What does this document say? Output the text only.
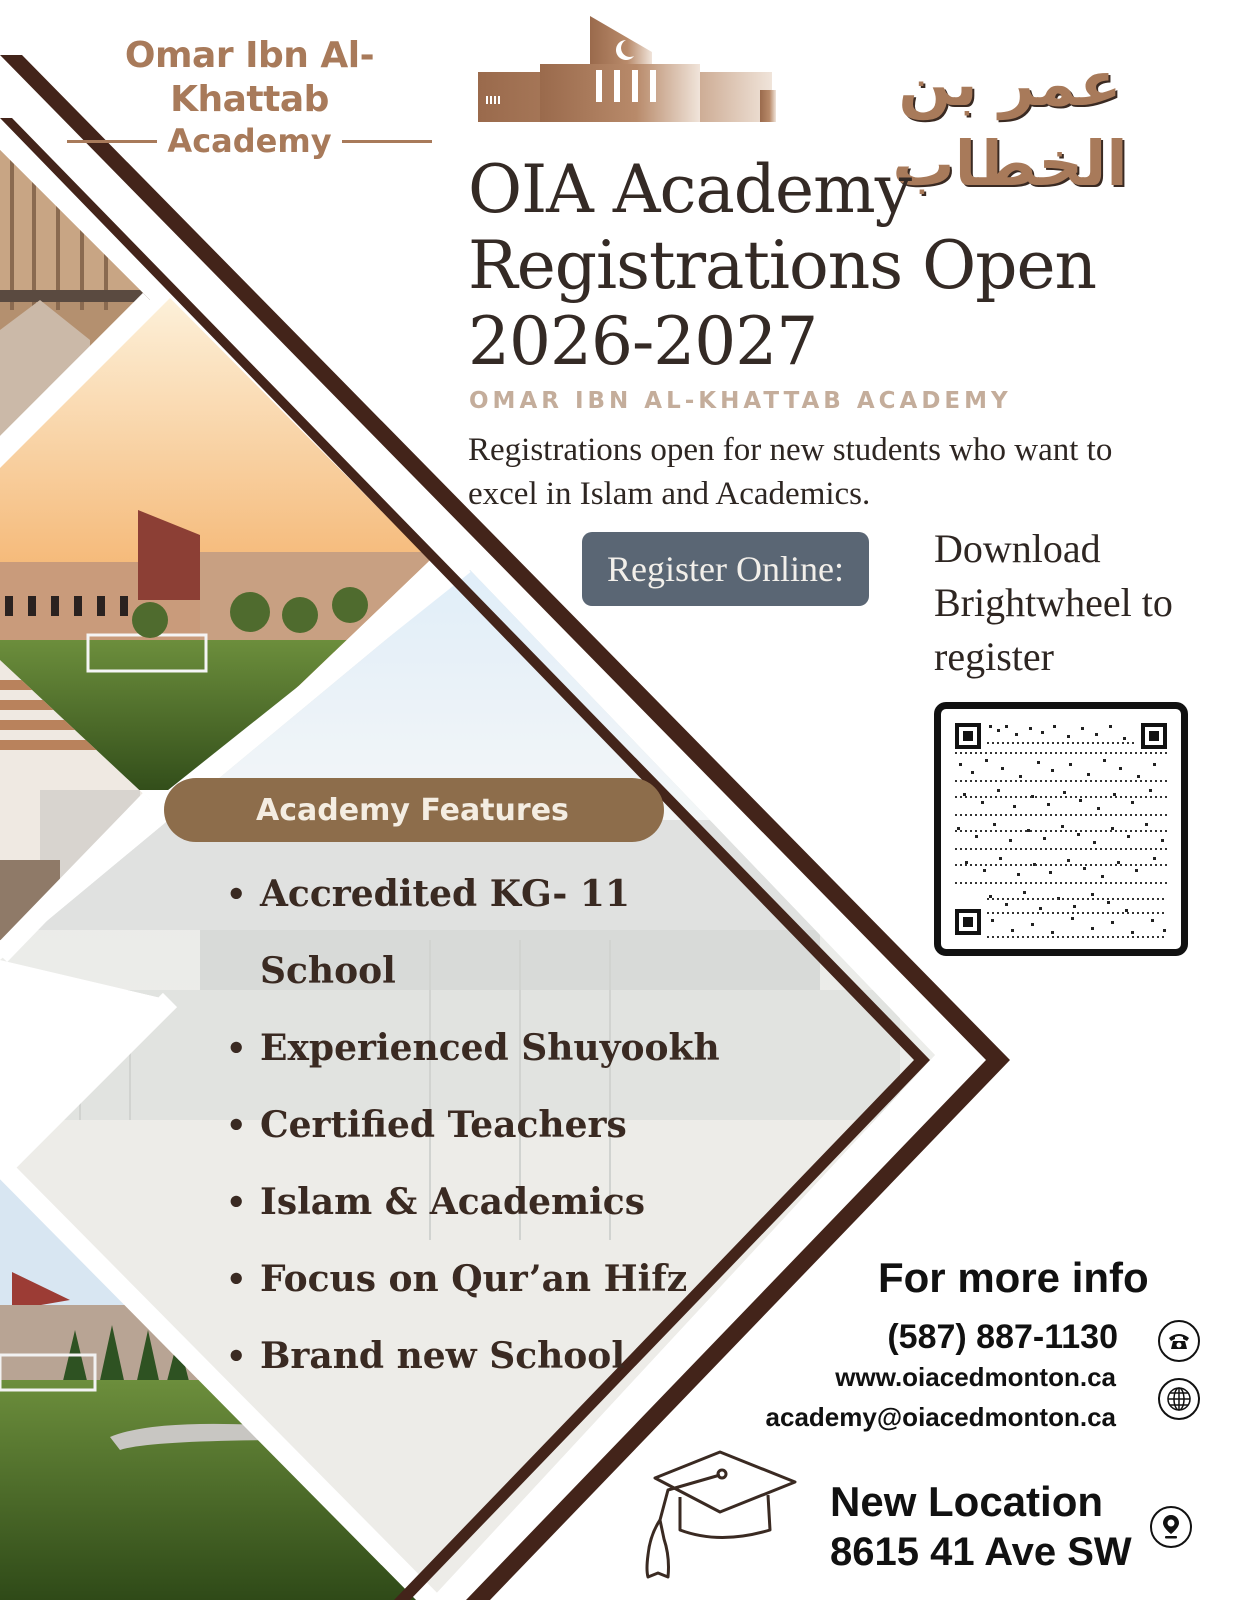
Omar Ibn Al-Khattab
Academy
عمر بن الخطاب
OIA Academy
Registrations Open
2026-2027
OMAR IBN AL-KHATTAB ACADEMY
Registrations open for new students who want to excel in Islam and Academics.
Register Online:	Download Brightwheel to register
Academy Features
• Accredited KG- 11 School
• Experienced Shuyookh
• Certified Teachers
• Islam & Academics
• Focus on Qur’an Hifz
• Brand new School
For more info
(587) 887-1130
www.oiacedmonton.ca
academy@oiacedmonton.ca
New Location
8615 41 Ave SW
